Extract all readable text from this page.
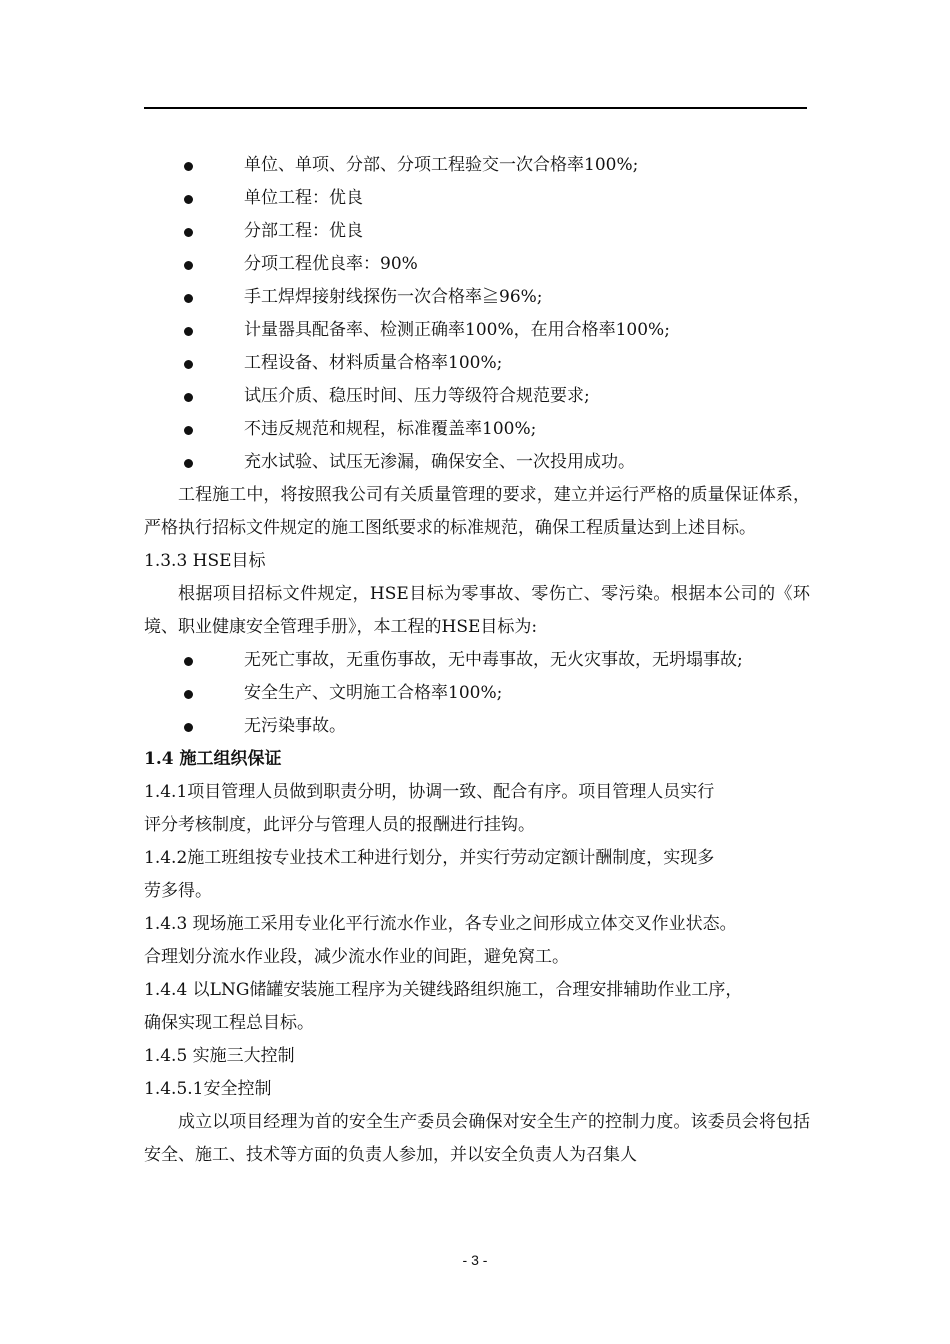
单位、单项、分部、分项工程验交一次合格率100%;
单位工程：优良
分部工程：优良
分项工程优良率：90%
手工焊焊接射线探伤一次合格率≧96%;
计量器具配备率、检测正确率100%，在用合格率100%;
工程设备、材料质量合格率100%;
试压介质、稳压时间、压力等级符合规范要求;
不违反规范和规程，标准覆盖率100%;
充水试验、试压无渗漏，确保安全、一次投用成功。
工程施工中，将按照我公司有关质量管理的要求，建立并运行严格的质量保证体系，严格执行招标文件规定的施工图纸要求的标准规范，确保工程质量达到上述目标。
1.3.3 HSE目标
根据项目招标文件规定，HSE目标为零事故、零伤亡、零污染。根据本公司的《环境、职业健康安全管理手册》，本工程的HSE目标为:
无死亡事故，无重伤事故，无中毒事故，无火灾事故，无坍塌事故;
安全生产、文明施工合格率100%;
无污染事故。
1.4 施工组织保证
1.4.1项目管理人员做到职责分明，协调一致、配合有序。项目管理人员实行
评分考核制度，此评分与管理人员的报酬进行挂钩。
1.4.2施工班组按专业技术工种进行划分，并实行劳动定额计酬制度，实现多
劳多得。
1.4.3 现场施工采用专业化平行流水作业，各专业之间形成立体交叉作业状态。
合理划分流水作业段，减少流水作业的间距，避免窝工。
1.4.4 以LNG储罐安装施工程序为关键线路组织施工，合理安排辅助作业工序，
确保实现工程总目标。
1.4.5 实施三大控制
1.4.5.1安全控制
成立以项目经理为首的安全生产委员会确保对安全生产的控制力度。该委员会将包括安全、施工、技术等方面的负责人参加，并以安全负责人为召集人
- 3 -
